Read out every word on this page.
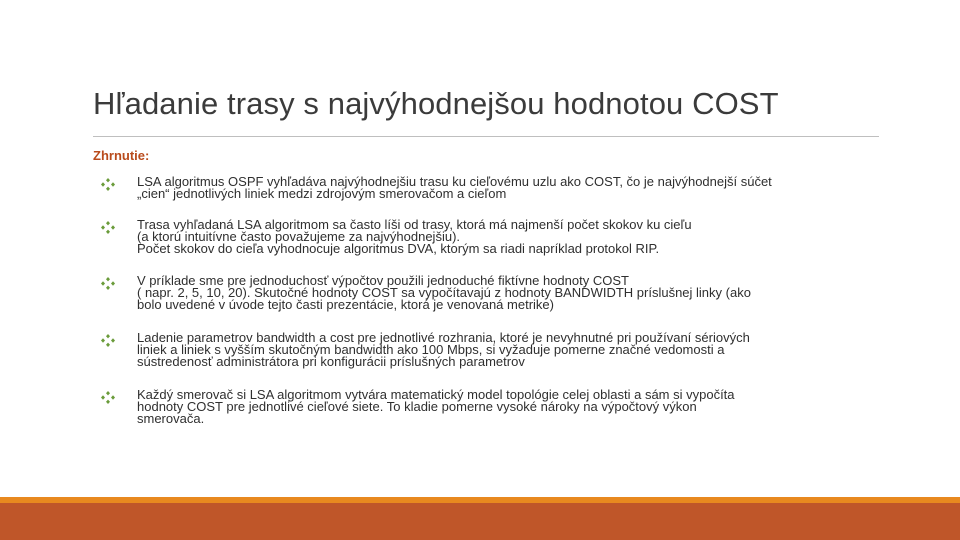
Hľadanie trasy s najvýhodnejšou hodnotou COST
Zhrnutie:
LSA algoritmus OSPF vyhľadáva najvýhodnejšiu trasu ku cieľovému uzlu ako COST, čo je najvýhodnejší súčet
„cien“ jednotlivých liniek medzi zdrojovým smerovačom a cieľom
Trasa vyhľadaná LSA algoritmom sa často líši od trasy, ktorá má najmenší počet skokov ku cieľu
(a ktorú intuitívne často považujeme za najvýhodnejšiu).
Počet skokov do cieľa vyhodnocuje algoritmus DVA, ktorým sa riadi napríklad protokol RIP.
V príklade sme pre jednoduchosť výpočtov použili jednoduché fiktívne hodnoty COST
( napr. 2, 5, 10, 20). Skutočné hodnoty COST sa vypočítavajú z hodnoty BANDWIDTH príslušnej linky (ako
bolo uvedené v úvode tejto časti prezentácie, ktorá je venovaná metrike)
Ladenie parametrov bandwidth a cost pre jednotlivé rozhrania, ktoré je nevyhnutné pri používaní sériových
liniek a liniek s vyšším skutočným bandwidth ako 100 Mbps, si vyžaduje pomerne značné vedomosti a
sústredenosť administrátora pri konfigurácii príslušných parametrov
Každý smerovač si LSA algoritmom vytvára matematický model topológie celej oblasti a sám si vypočíta
hodnoty COST pre jednotlivé cieľové siete. To kladie pomerne vysoké nároky na výpočtový výkon
smerovača.
